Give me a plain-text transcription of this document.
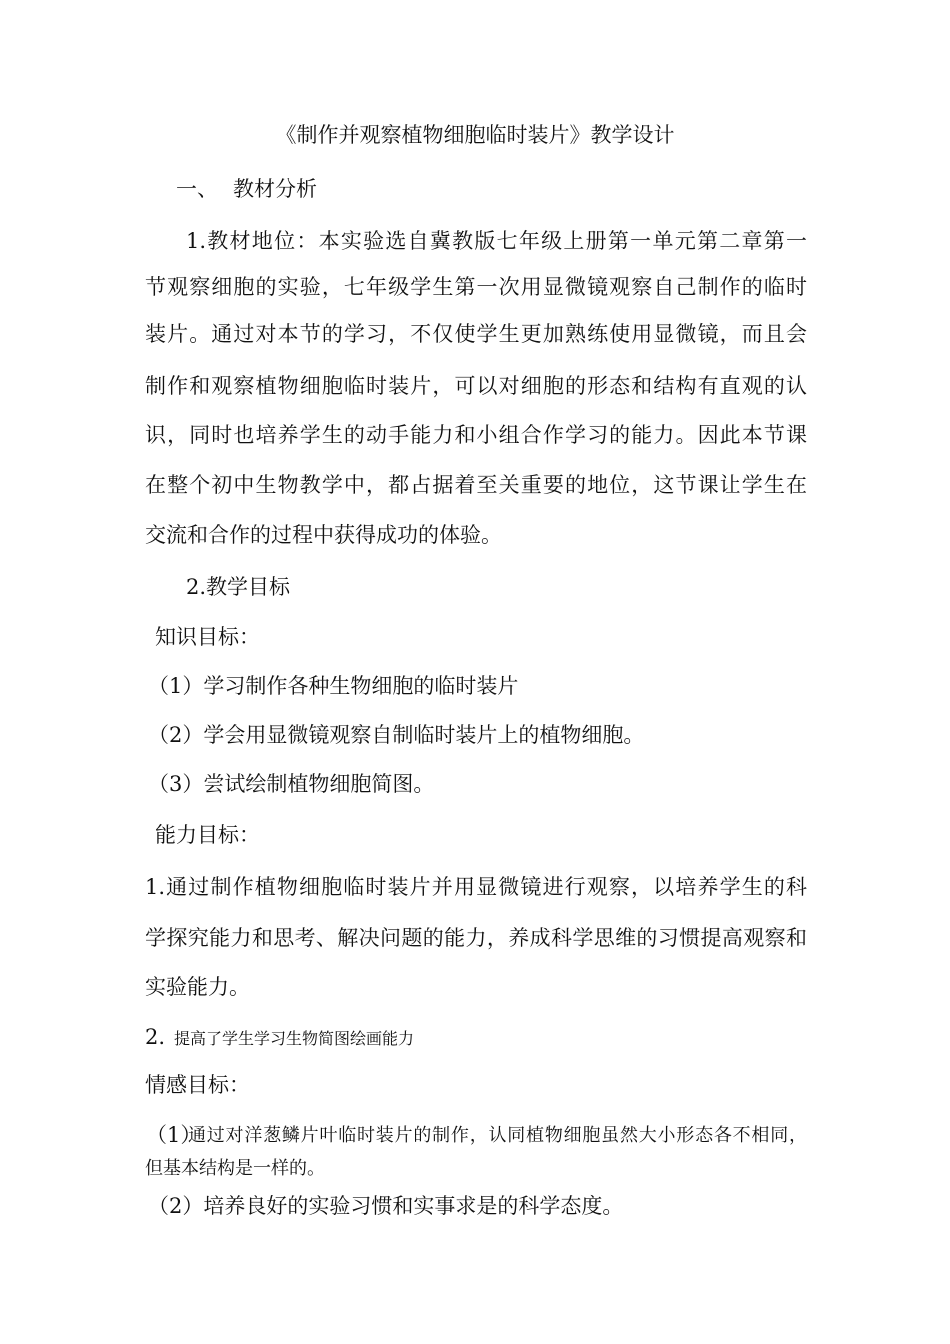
《制作并观察植物细胞临时装片》教学设计
一、 教材分析
1.教材地位：本实验选自冀教版七年级上册第一单元第二章第一
节观察细胞的实验，七年级学生第一次用显微镜观察自己制作的临时
装片。通过对本节的学习，不仅使学生更加熟练使用显微镜，而且会
制作和观察植物细胞临时装片，可以对细胞的形态和结构有直观的认
识，同时也培养学生的动手能力和小组合作学习的能力。因此本节课
在整个初中生物教学中，都占据着至关重要的地位，这节课让学生在
交流和合作的过程中获得成功的体验。
2.教学目标
知识目标：
（1）学习制作各种生物细胞的临时装片
（2）学会用显微镜观察自制临时装片上的植物细胞。
（3）尝试绘制植物细胞简图。
能力目标：
1.通过制作植物细胞临时装片并用显微镜进行观察，以培养学生的科
学探究能力和思考、解决问题的能力，养成科学思维的习惯提高观察和
实验能力。
2. 提高了学生学习生物简图绘画能力
情感目标：
（1）
通过对洋葱鳞片叶临时装片的制作，认同植物细胞虽然大小形态各不相同，
但基本结构是一样的。
（2）培养良好的实验习惯和实事求是的科学态度。
